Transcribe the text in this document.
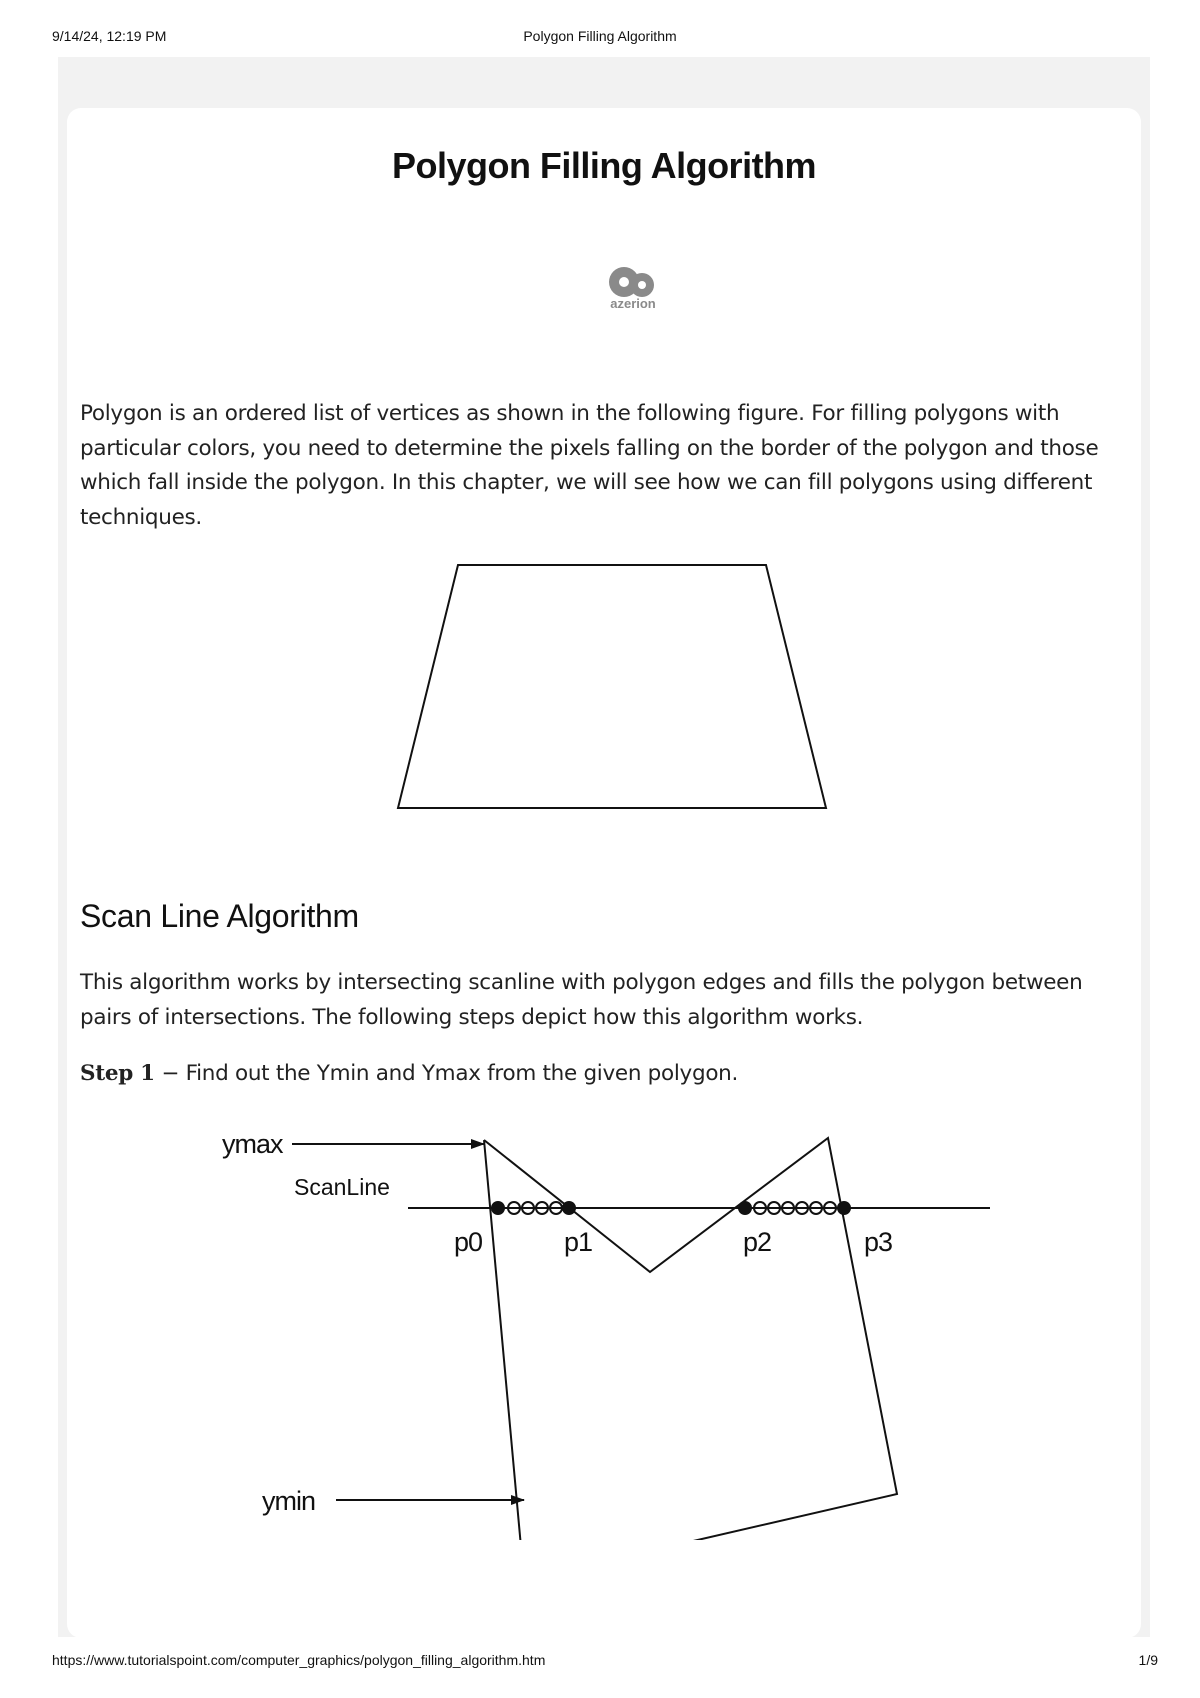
9/14/24, 12:19 PM	Polygon Filling Algorithm
Polygon Filling Algorithm
azerion

Polygon is an ordered list of vertices as shown in the following figure. For filling polygons with particular colors, you need to determine the pixels falling on the border of the polygon and those which fall inside the polygon. In this chapter, we will see how we can fill polygons using different techniques.

Scan Line Algorithm

This algorithm works by intersecting scanline with polygon edges and fills the polygon between pairs of intersections. The following steps depict how this algorithm works.

Step 1 − Find out the Ymin and Ymax from the given polygon.

ymax
ScanLine
ymin
p0	p1	p2	p3
https://www.tutorialspoint.com/computer_graphics/polygon_filling_algorithm.htm	1/9
